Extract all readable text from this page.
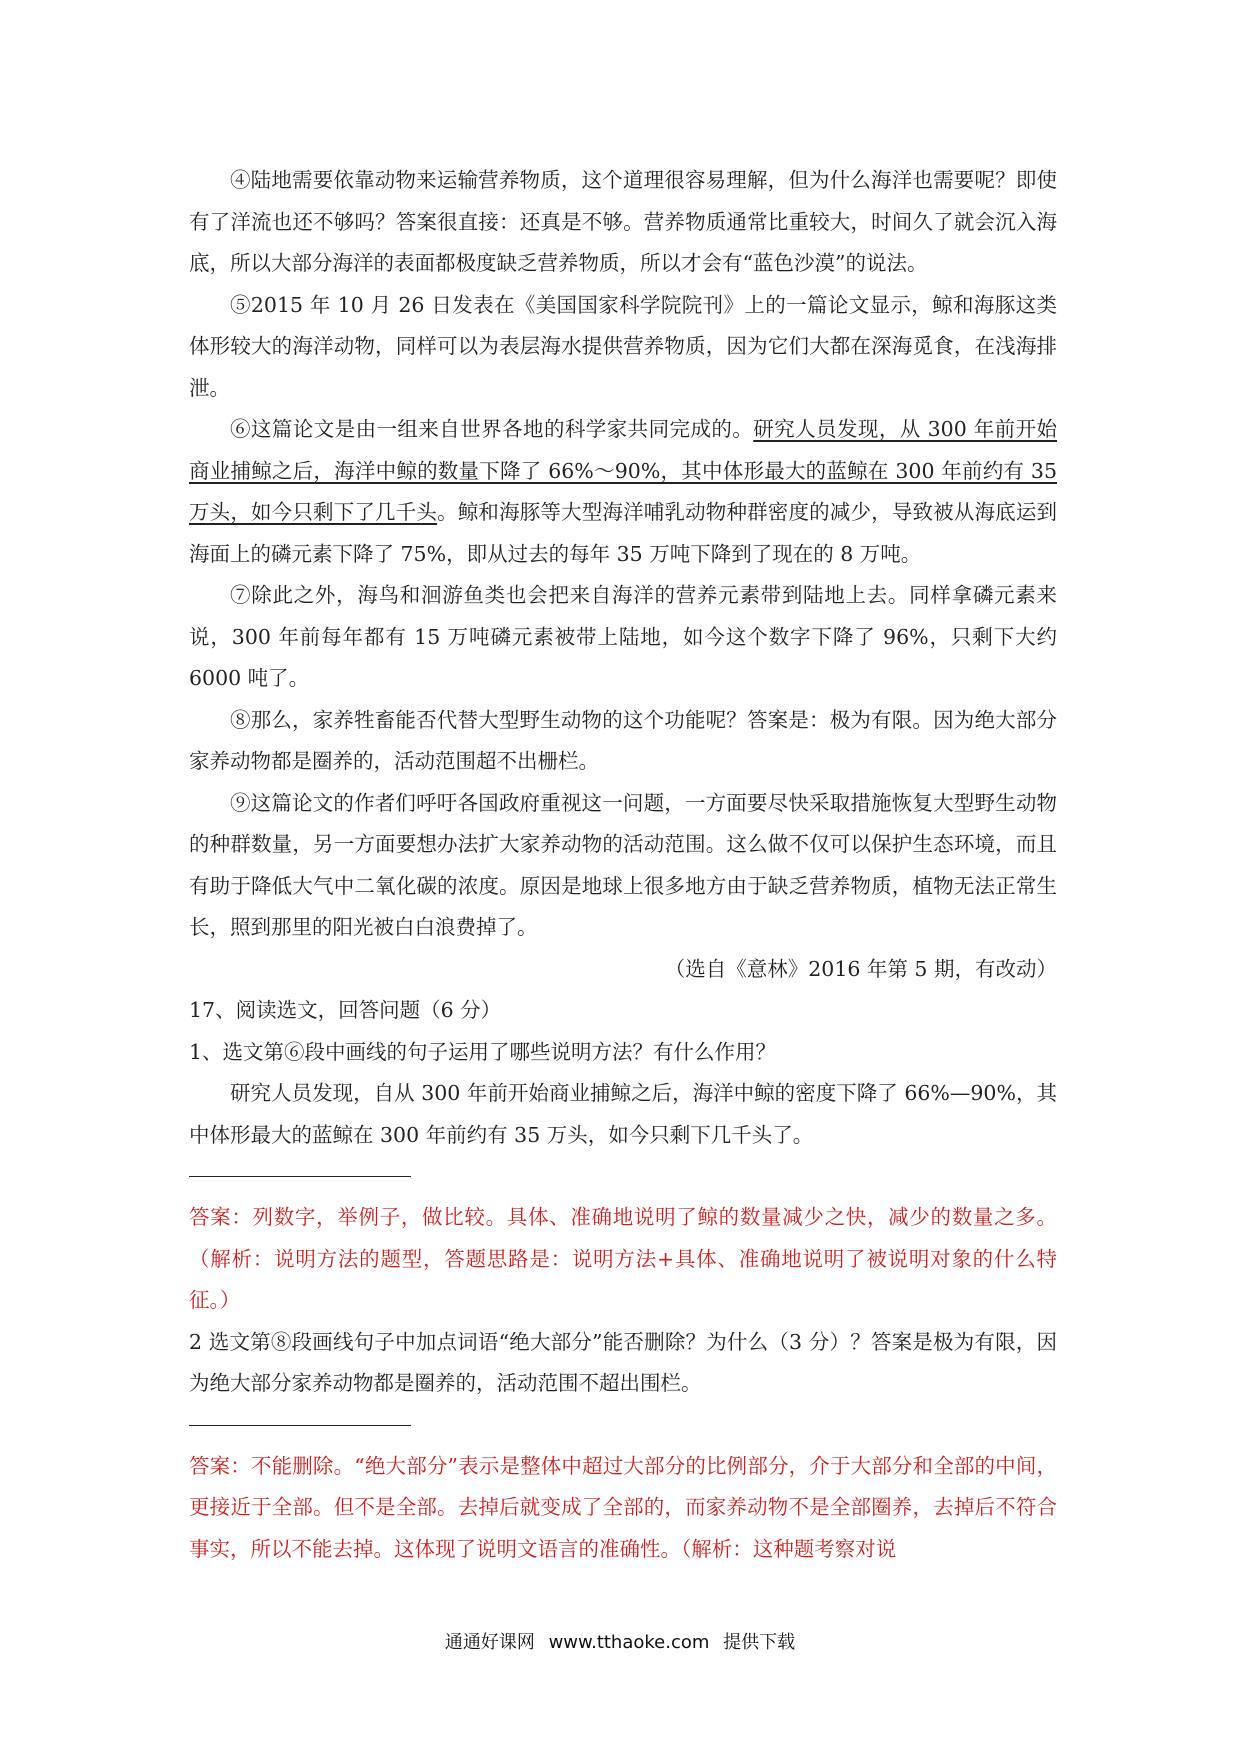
④陆地需要依靠动物来运输营养物质，这个道理很容易理解，但为什么海洋也需要呢？即使有了洋流也还不够吗？答案很直接：还真是不够。营养物质通常比重较大，时间久了就会沉入海底，所以大部分海洋的表面都极度缺乏营养物质，所以才会有“蓝色沙漠”的说法。

⑤2015 年 10 月 26 日发表在《美国国家科学院院刊》上的一篇论文显示，鲸和海豚这类体形较大的海洋动物，同样可以为表层海水提供营养物质，因为它们大都在深海觅食，在浅海排泄。

⑥这篇论文是由一组来自世界各地的科学家共同完成的。研究人员发现，从 300 年前开始商业捕鲸之后，海洋中鲸的数量下降了 66%～90%，其中体形最大的蓝鲸在 300 年前约有 35 万头，如今只剩下了几千头。鲸和海豚等大型海洋哺乳动物种群密度的减少，导致被从海底运到海面上的磷元素下降了 75%，即从过去的每年 35 万吨下降到了现在的 8 万吨。

⑦除此之外，海鸟和洄游鱼类也会把来自海洋的营养元素带到陆地上去。同样拿磷元素来说，300 年前每年都有 15 万吨磷元素被带上陆地，如今这个数字下降了 96%，只剩下大约 6000 吨了。

⑧那么，家养牲畜能否代替大型野生动物的这个功能呢？答案是：极为有限。因为绝大部分家养动物都是圈养的，活动范围超不出栅栏。

⑨这篇论文的作者们呼吁各国政府重视这一问题，一方面要尽快采取措施恢复大型野生动物的种群数量，另一方面要想办法扩大家养动物的活动范围。这么做不仅可以保护生态环境，而且有助于降低大气中二氧化碳的浓度。原因是地球上很多地方由于缺乏营养物质，植物无法正常生长，照到那里的阳光被白白浪费掉了。

（选自《意林》2016 年第 5 期，有改动）

17、阅读选文，回答问题（6 分）

1、选文第⑥段中画线的句子运用了哪些说明方法？有什么作用？

研究人员发现，自从 300 年前开始商业捕鲸之后，海洋中鲸的密度下降了 66%—90%，其中体形最大的蓝鲸在 300 年前约有 35 万头，如今只剩下几千头了。

答案：列数字，举例子，做比较。具体、准确地说明了鲸的数量减少之快，减少的数量之多。（解析：说明方法的题型，答题思路是：说明方法+具体、准确地说明了被说明对象的什么特征。）

2 选文第⑧段画线句子中加点词语“绝大部分”能否删除？为什么（3 分）？答案是极为有限，因为绝大部分家养动物都是圈养的，活动范围不超出围栏。

答案：不能删除。“绝大部分”表示是整体中超过大部分的比例部分，介于大部分和全部的中间，更接近于全部。但不是全部。去掉后就变成了全部的，而家养动物不是全部圈养，去掉后不符合事实，所以不能去掉。这体现了说明文语言的准确性。（解析：这种题考察对说

通通好课网 www.tthaoke.com 提供下载
